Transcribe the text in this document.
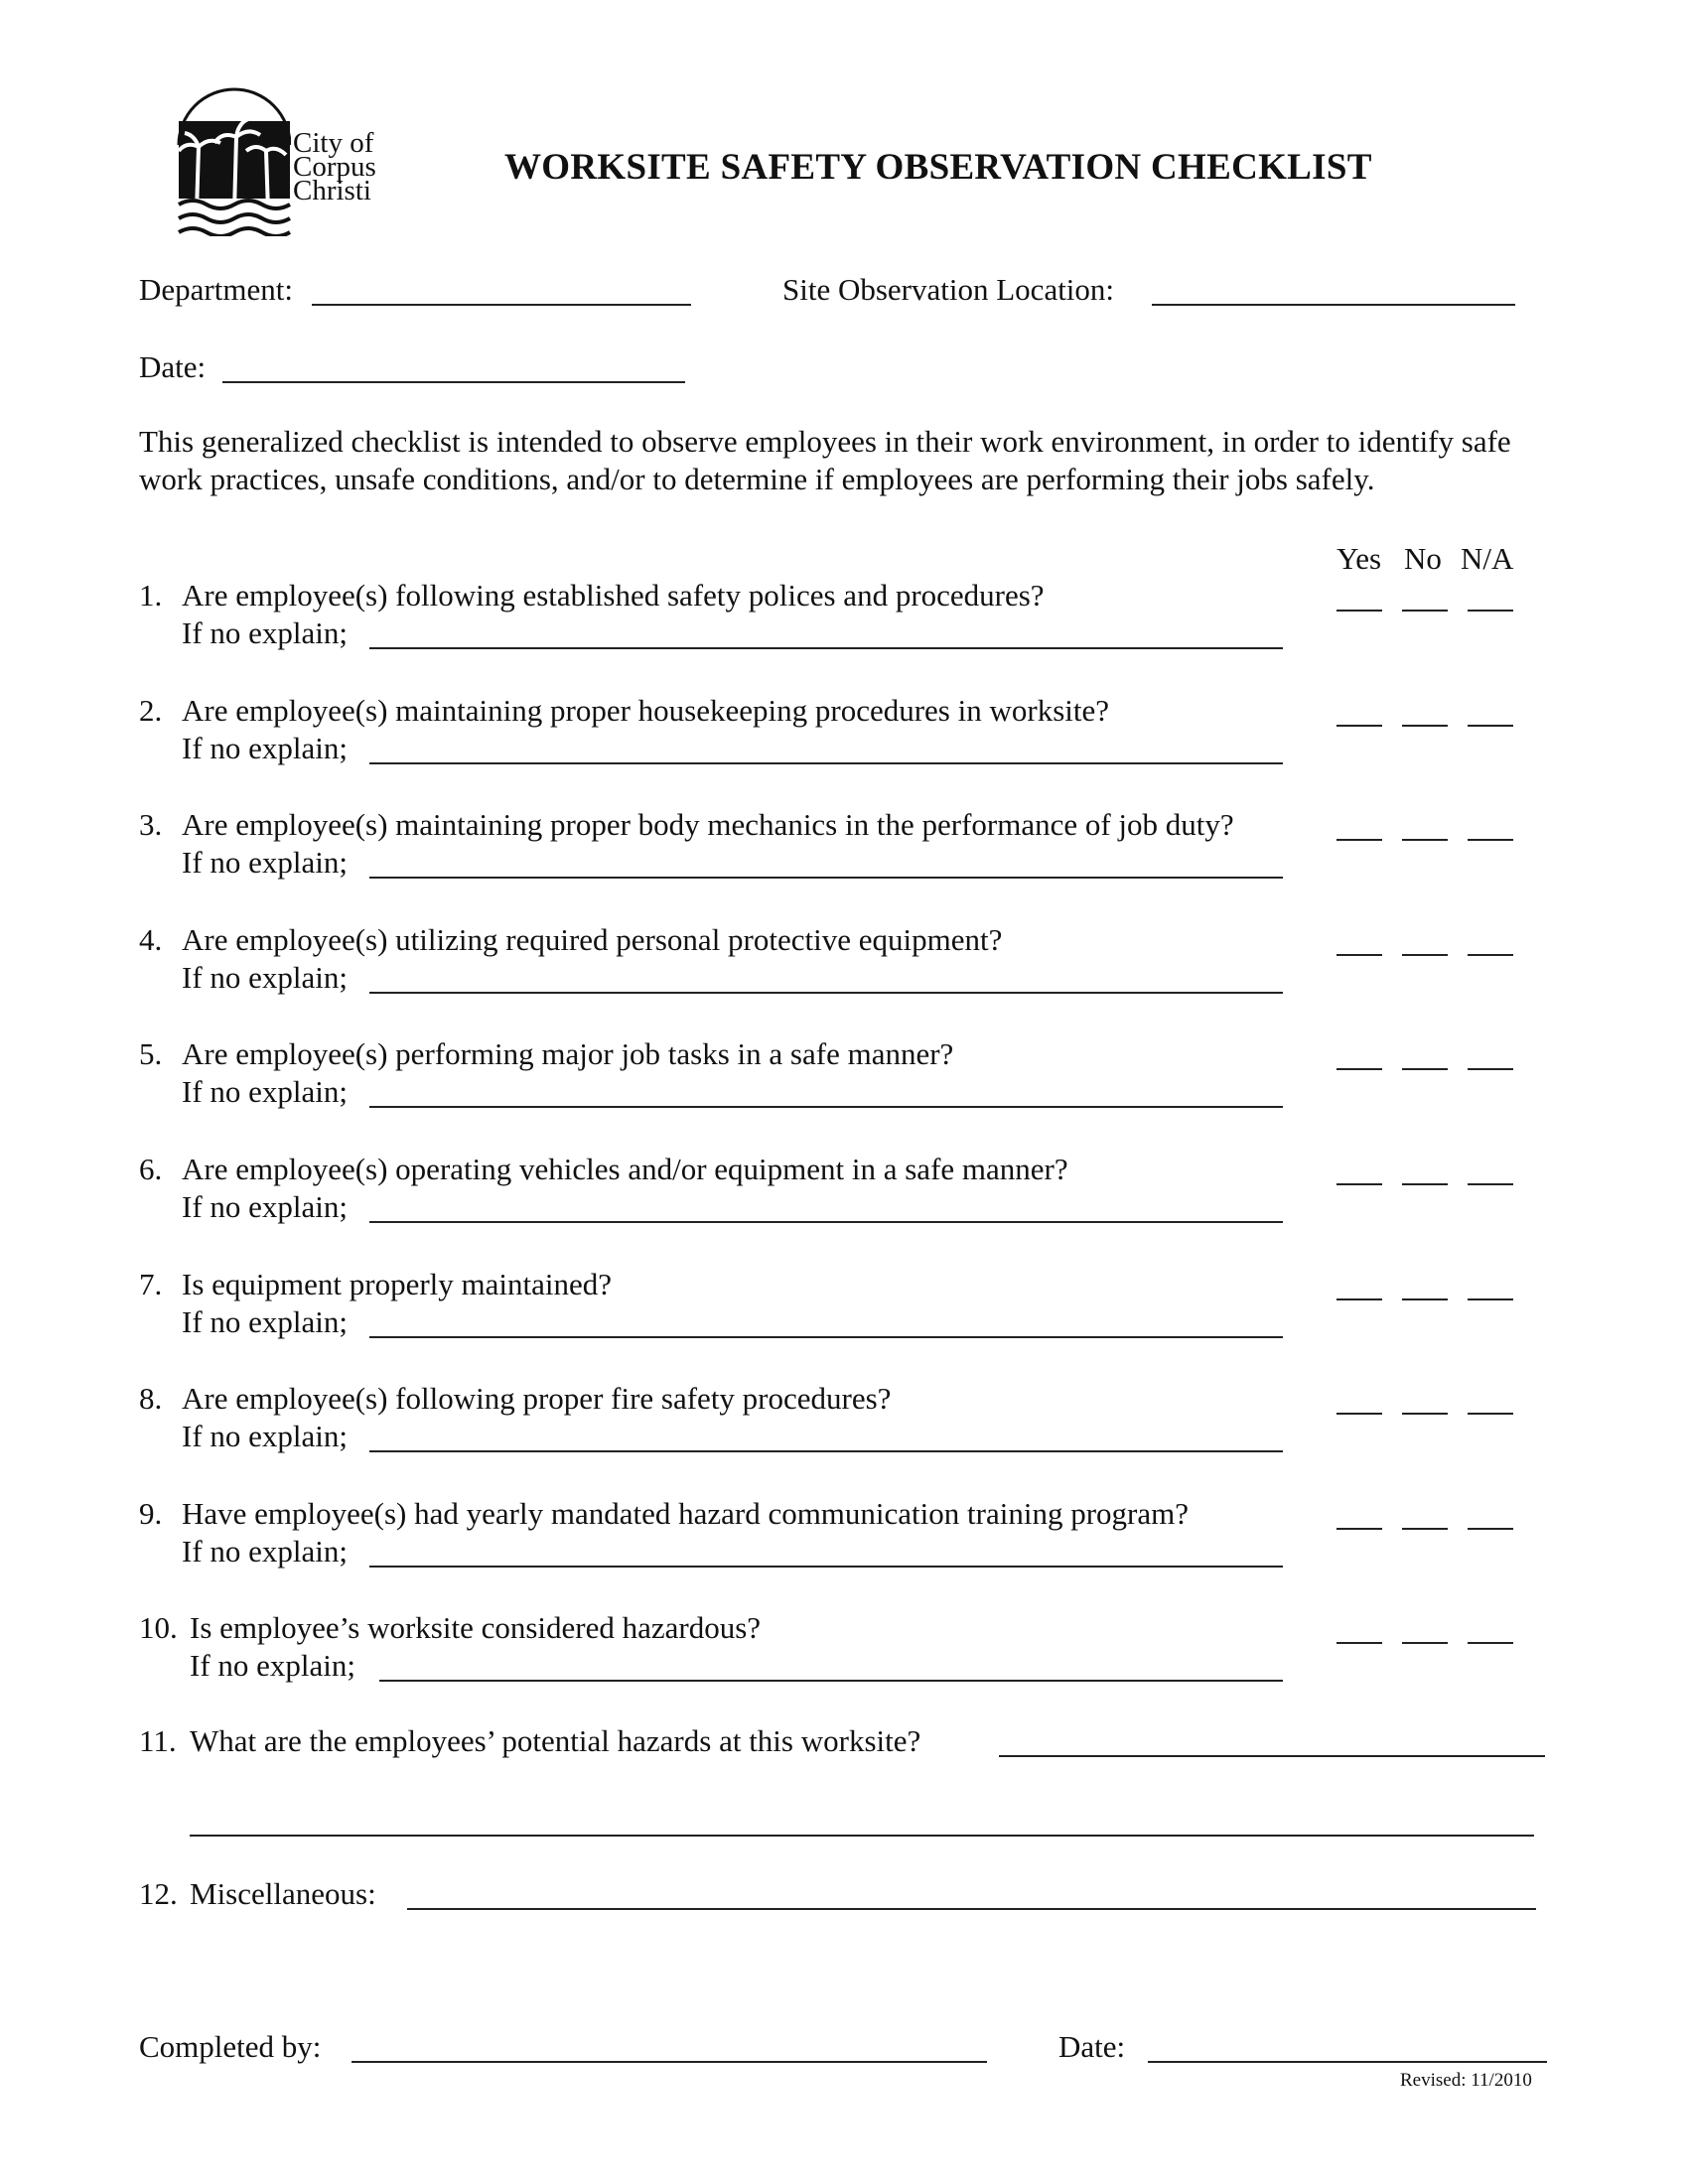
City of
Corpus
Christi
WORKSITE SAFETY OBSERVATION CHECKLIST
Department:	Site Observation Location:
Date:
This generalized checklist is intended to observe employees in their work environment, in order to identify safe work practices, unsafe conditions, and/or to determine if employees are performing their jobs safely.
Yes No N/A
1. Are employee(s) following established safety polices and procedures?
If no explain;
2. Are employee(s) maintaining proper housekeeping procedures in worksite?
If no explain;
3. Are employee(s) maintaining proper body mechanics in the performance of job duty?
If no explain;
4. Are employee(s) utilizing required personal protective equipment?
If no explain;
5. Are employee(s) performing major job tasks in a safe manner?
If no explain;
6. Are employee(s) operating vehicles and/or equipment in a safe manner?
If no explain;
7. Is equipment properly maintained?
If no explain;
8. Are employee(s) following proper fire safety procedures?
If no explain;
9. Have employee(s) had yearly mandated hazard communication training program?
If no explain;
10. Is employee’s worksite considered hazardous?
If no explain;
11. What are the employees’ potential hazards at this worksite?
12. Miscellaneous:
Completed by:	Date:
Revised: 11/2010
